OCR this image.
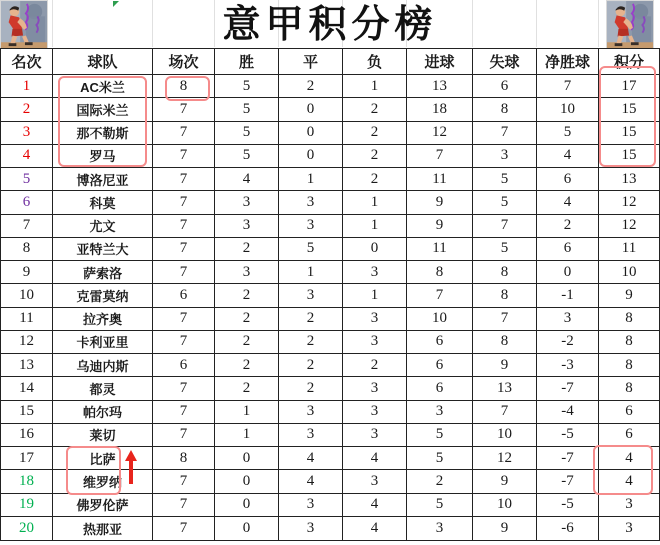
意甲积分榜
名次	球队	场次	胜	平	负	进球	失球	净胜球	积分
1	AC米兰	8	5	2	1	13	6	7	17
2	国际米兰	7	5	0	2	18	8	10	15
3	那不勒斯	7	5	0	2	12	7	5	15
4	罗马	7	5	0	2	7	3	4	15
5	博洛尼亚	7	4	1	2	11	5	6	13
6	科莫	7	3	3	1	9	5	4	12
7	尤文	7	3	3	1	9	7	2	12
8	亚特兰大	7	2	5	0	11	5	6	11
9	萨索洛	7	3	1	3	8	8	0	10
10	克雷莫纳	6	2	3	1	7	8	-1	9
11	拉齐奥	7	2	2	3	10	7	3	8
12	卡利亚里	7	2	2	3	6	8	-2	8
13	乌迪内斯	6	2	2	2	6	9	-3	8
14	都灵	7	2	2	3	6	13	-7	8
15	帕尔玛	7	1	3	3	3	7	-4	6
16	莱切	7	1	3	3	5	10	-5	6
17	比萨	8	0	4	4	5	12	-7	4
18	维罗纳	7	0	4	3	2	9	-7	4
19	佛罗伦萨	7	0	3	4	5	10	-5	3
20	热那亚	7	0	3	4	3	9	-6	3
